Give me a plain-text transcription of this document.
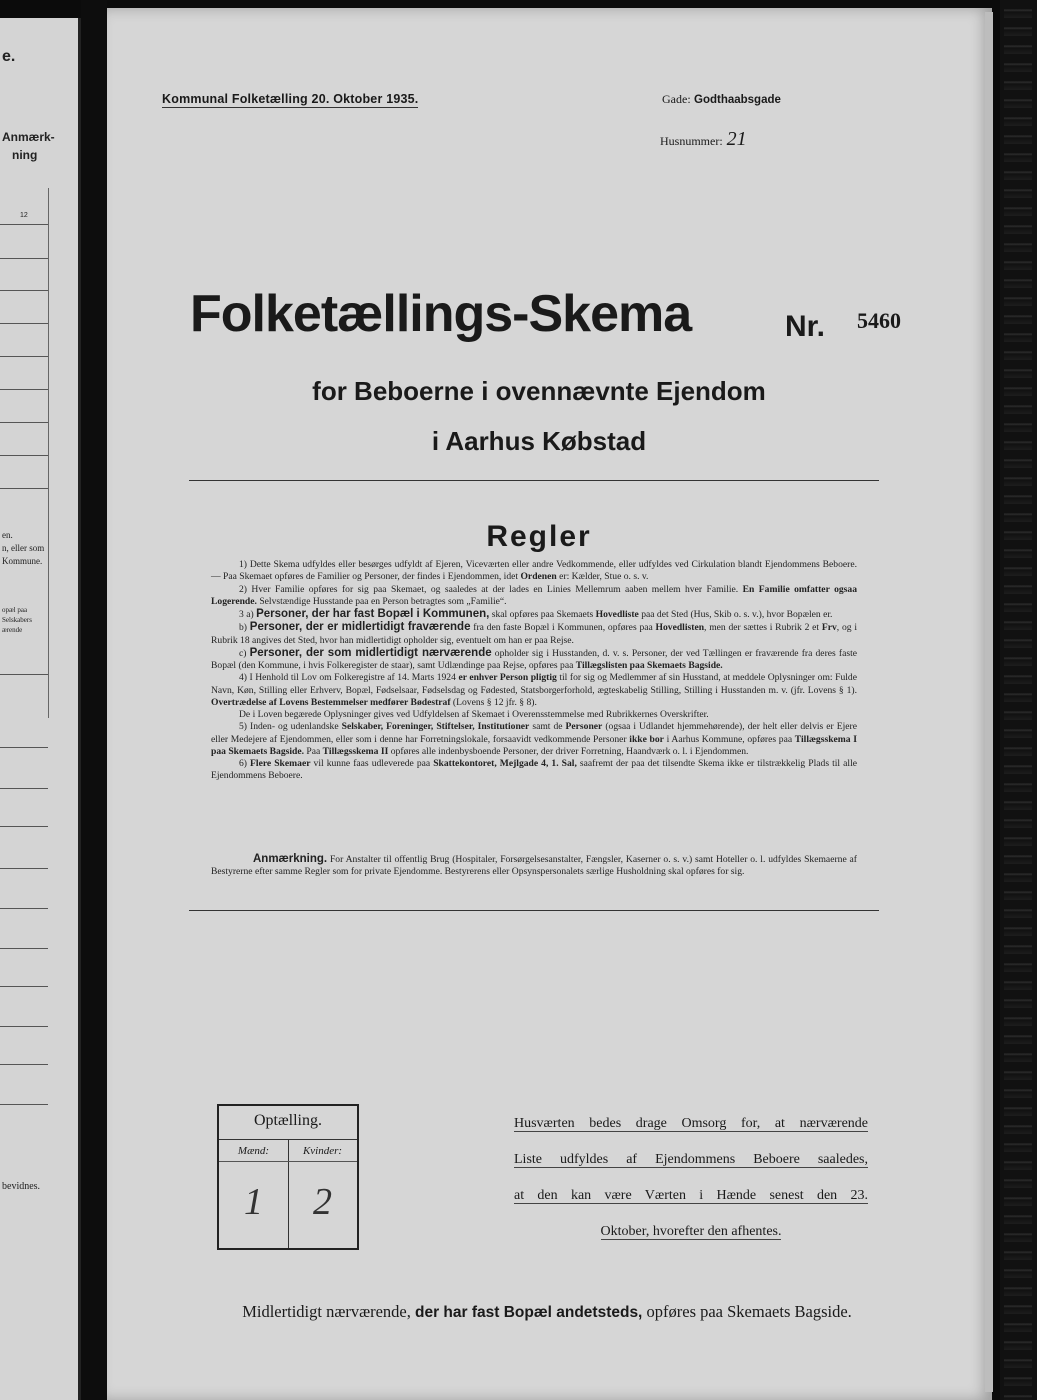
e.
Anmærk-
ning
12
en.
n, eller som
Kommune.
opæl paa
Selskabers
ærende
bevidnes.
Kommunal Folketælling 20. Oktober 1935.	Gade: Godthaabsgade
Husnummer: 21
Folketællings-Skema	Nr. 5460
for Beboerne i ovennævnte Ejendom
i Aarhus Købstad
Regler

1) Dette Skema udfyldes eller besørges udfyldt af Ejeren, Viceværten eller andre Vedkommende, eller udfyldes ved Cirkulation blandt Ejendommens Beboere. — Paa Skemaet opføres de Familier og Personer, der findes i Ejendommen, idet Ordenen er: Kælder, Stue o. s. v.

2) Hver Familie opføres for sig paa Skemaet, og saaledes at der lades en Linies Mellemrum aaben mellem hver Familie. En Familie omfatter ogsaa Logerende. Selvstændige Husstande paa en Person betragtes som „Familie“.

3 a) Personer, der har fast Bopæl i Kommunen, skal opføres paa Skemaets Hovedliste paa det Sted (Hus, Skib o. s. v.), hvor Bopælen er.

b) Personer, der er midlertidigt fraværende fra den faste Bopæl i Kommunen, opføres paa Hovedlisten, men der sættes i Rubrik 2 et Frv, og i Rubrik 18 angives det Sted, hvor han midlertidigt opholder sig, eventuelt om han er paa Rejse.

c) Personer, der som midlertidigt nærværende opholder sig i Husstanden, d. v. s. Personer, der ved Tællingen er fraværende fra deres faste Bopæl (den Kommune, i hvis Folkeregister de staar), samt Udlændinge paa Rejse, opføres paa Tillægslisten paa Skemaets Bagside.

4) I Henhold til Lov om Folkeregistre af 14. Marts 1924 er enhver Person pligtig til for sig og Medlemmer af sin Husstand, at meddele Oplysninger om: Fulde Navn, Køn, Stilling eller Erhverv, Bopæl, Fødselsaar, Fødselsdag og Fødested, Statsborgerforhold, ægteskabelig Stilling, Stilling i Husstanden m. v. (jfr. Lovens § 1). Overtrædelse af Lovens Bestemmelser medfører Bødestraf (Lovens § 12 jfr. § 8).

De i Loven begærede Oplysninger gives ved Udfyldelsen af Skemaet i Overensstemmelse med Rubrikkernes Overskrifter.

5) Inden- og udenlandske Selskaber, Foreninger, Stiftelser, Institutioner samt de Personer (ogsaa i Udlandet hjemmehørende), der helt eller delvis er Ejere eller Medejere af Ejendommen, eller som i denne har Forretningslokale, forsaavidt vedkommende Personer ikke bor i Aarhus Kommune, opføres paa Tillægsskema I paa Skemaets Bagside. Paa Tillægsskema II opføres alle indenbysboende Personer, der driver Forretning, Haandværk o. l. i Ejendommen.

6) Flere Skemaer vil kunne faas udleverede paa Skattekontoret, Mejlgade 4, 1. Sal, saafremt der paa det tilsendte Skema ikke er tilstrækkelig Plads til alle Ejendommens Beboere.

Anmærkning. For Anstalter til offentlig Brug (Hospitaler, Forsørgelsesanstalter, Fængsler, Kaserner o. s. v.) samt Hoteller o. l. udfyldes Skemaerne af Bestyrerne efter samme Regler som for private Ejendomme. Bestyrerens eller Opsynspersonalets særlige Husholdning skal opføres for sig.
Optælling.
Mænd:	Kvinder:
1	2
Husværten bedes drage Omsorg for, at nærværende
Liste udfyldes af Ejendommens Beboere saaledes,
at den kan være Værten i Hænde senest den 23.
Oktober, hvorefter den afhentes.
Midlertidigt nærværende, der har fast Bopæl andetsteds, opføres paa Skemaets Bagside.
